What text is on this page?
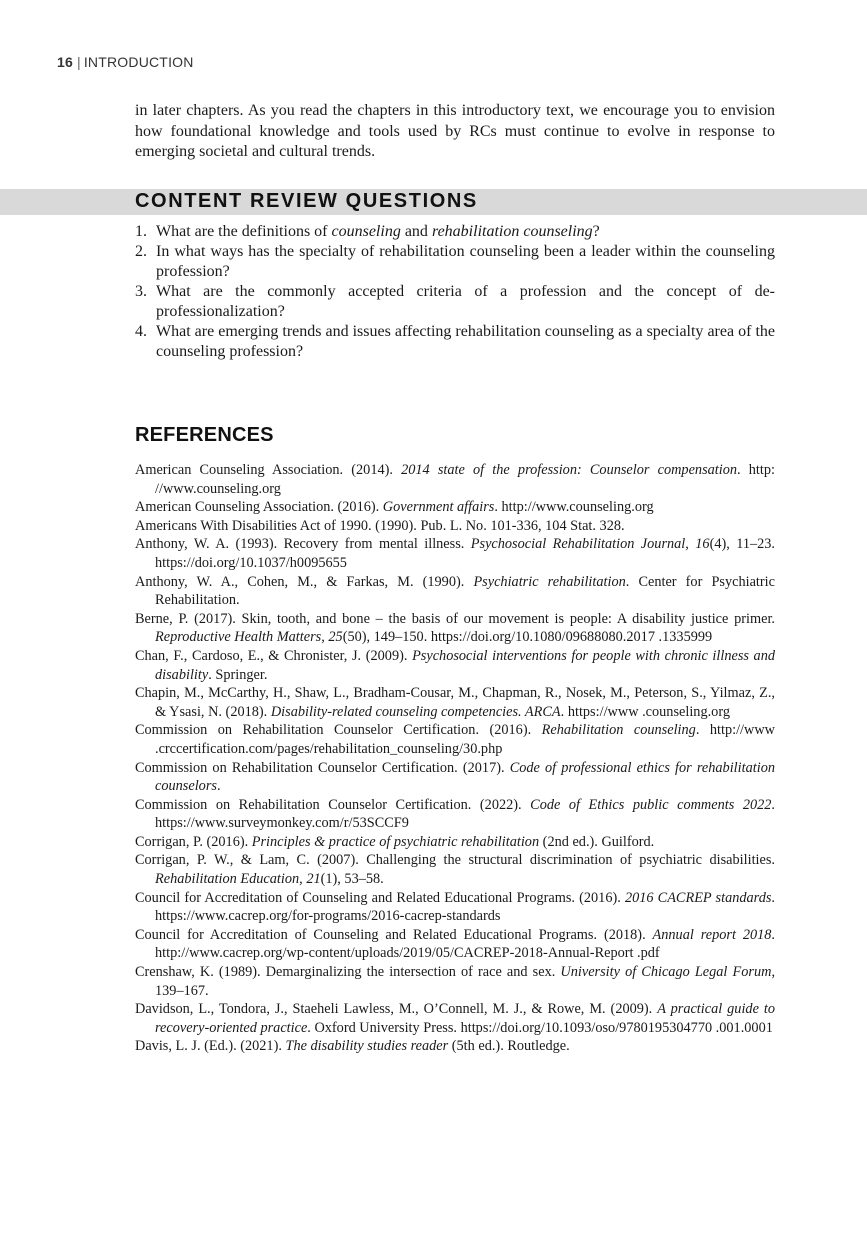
16 | INTRODUCTION

in later chapters. As you read the chapters in this introductory text, we encourage you to envision how foundational knowledge and tools used by RCs must continue to evolve in response to emerging societal and cultural trends.

CONTENT REVIEW QUESTIONS
1. What are the definitions of counseling and rehabilitation counseling?
2. In what ways has the specialty of rehabilitation counseling been a leader within the counseling profession?
3. What are the commonly accepted criteria of a profession and the concept of de-professionalization?
4. What are emerging trends and issues affecting rehabilitation counseling as a specialty area of the counseling profession?
REFERENCES
American Counseling Association. (2014). 2014 state of the profession: Counselor compensation. http: //www.counseling.org
American Counseling Association. (2016). Government affairs. http://www.counseling.org
Americans With Disabilities Act of 1990. (1990). Pub. L. No. 101-336, 104 Stat. 328.
Anthony, W. A. (1993). Recovery from mental illness. Psychosocial Rehabilitation Journal, 16(4), 11–23. https://doi.org/10.1037/h0095655
Anthony, W. A., Cohen, M., & Farkas, M. (1990). Psychiatric rehabilitation. Center for Psychiatric Rehabilitation.
Berne, P. (2017). Skin, tooth, and bone – the basis of our movement is people: A disability justice primer. Reproductive Health Matters, 25(50), 149–150. https://doi.org/10.1080/09688080.2017 .1335999
Chan, F., Cardoso, E., & Chronister, J. (2009). Psychosocial interventions for people with chronic illness and disability. Springer.
Chapin, M., McCarthy, H., Shaw, L., Bradham-Cousar, M., Chapman, R., Nosek, M., Peterson, S., Yilmaz, Z., & Ysasi, N. (2018). Disability-related counseling competencies. ARCA. https://www .counseling.org
Commission on Rehabilitation Counselor Certification. (2016). Rehabilitation counseling. http://www .crccertification.com/pages/rehabilitation_counseling/30.php
Commission on Rehabilitation Counselor Certification. (2017). Code of professional ethics for rehabilitation counselors.
Commission on Rehabilitation Counselor Certification. (2022). Code of Ethics public comments 2022. https://www.surveymonkey.com/r/53SCCF9
Corrigan, P. (2016). Principles & practice of psychiatric rehabilitation (2nd ed.). Guilford.
Corrigan, P. W., & Lam, C. (2007). Challenging the structural discrimination of psychiatric disabilities. Rehabilitation Education, 21(1), 53–58.
Council for Accreditation of Counseling and Related Educational Programs. (2016). 2016 CACREP standards. https://www.cacrep.org/for-programs/2016-cacrep-standards
Council for Accreditation of Counseling and Related Educational Programs. (2018). Annual report 2018. http://www.cacrep.org/wp-content/uploads/2019/05/CACREP-2018-Annual-Report .pdf
Crenshaw, K. (1989). Demarginalizing the intersection of race and sex. University of Chicago Legal Forum, 139–167.
Davidson, L., Tondora, J., Staeheli Lawless, M., O’Connell, M. J., & Rowe, M. (2009). A practical guide to recovery-oriented practice. Oxford University Press. https://doi.org/10.1093/oso/9780195304770 .001.0001
Davis, L. J. (Ed.). (2021). The disability studies reader (5th ed.). Routledge.
